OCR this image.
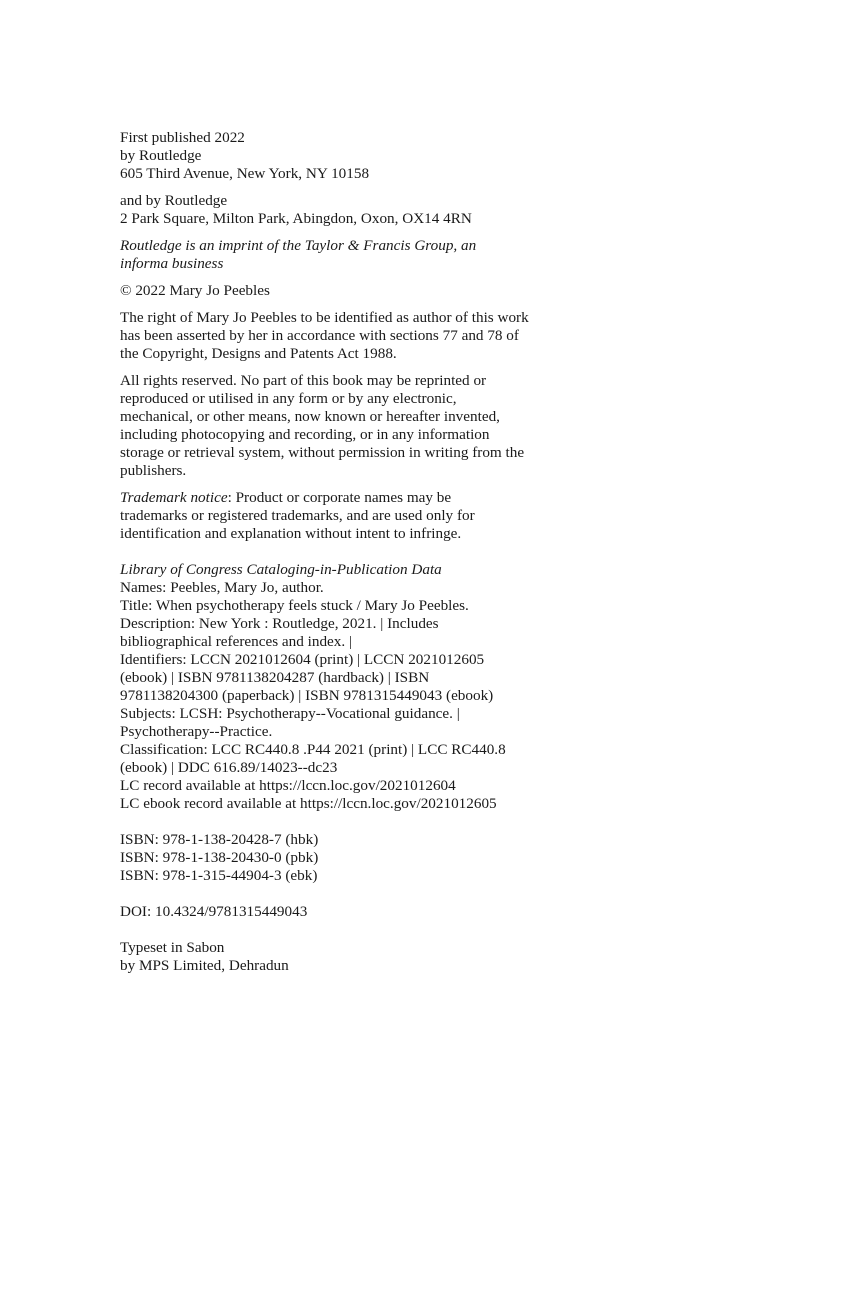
First published 2022
by Routledge
605 Third Avenue, New York, NY 10158
and by Routledge
2 Park Square, Milton Park, Abingdon, Oxon, OX14 4RN
Routledge is an imprint of the Taylor & Francis Group, an
informa business
© 2022 Mary Jo Peebles
The right of Mary Jo Peebles to be identified as author of this work
has been asserted by her in accordance with sections 77 and 78 of
the Copyright, Designs and Patents Act 1988.
All rights reserved. No part of this book may be reprinted or
reproduced or utilised in any form or by any electronic,
mechanical, or other means, now known or hereafter invented,
including photocopying and recording, or in any information
storage or retrieval system, without permission in writing from the
publishers.
Trademark notice: Product or corporate names may be
trademarks or registered trademarks, and are used only for
identification and explanation without intent to infringe.
Library of Congress Cataloging-in-Publication Data
Names: Peebles, Mary Jo, author.
Title: When psychotherapy feels stuck / Mary Jo Peebles.
Description: New York : Routledge, 2021. | Includes
bibliographical references and index. |
Identifiers: LCCN 2021012604 (print) | LCCN 2021012605
(ebook) | ISBN 9781138204287 (hardback) | ISBN
9781138204300 (paperback) | ISBN 9781315449043 (ebook)
Subjects: LCSH: Psychotherapy--Vocational guidance. |
Psychotherapy--Practice.
Classification: LCC RC440.8 .P44 2021 (print) | LCC RC440.8
(ebook) | DDC 616.89/14023--dc23
LC record available at https://lccn.loc.gov/2021012604
LC ebook record available at https://lccn.loc.gov/2021012605
ISBN: 978-1-138-20428-7 (hbk)
ISBN: 978-1-138-20430-0 (pbk)
ISBN: 978-1-315-44904-3 (ebk)
DOI: 10.4324/9781315449043
Typeset in Sabon
by MPS Limited, Dehradun
